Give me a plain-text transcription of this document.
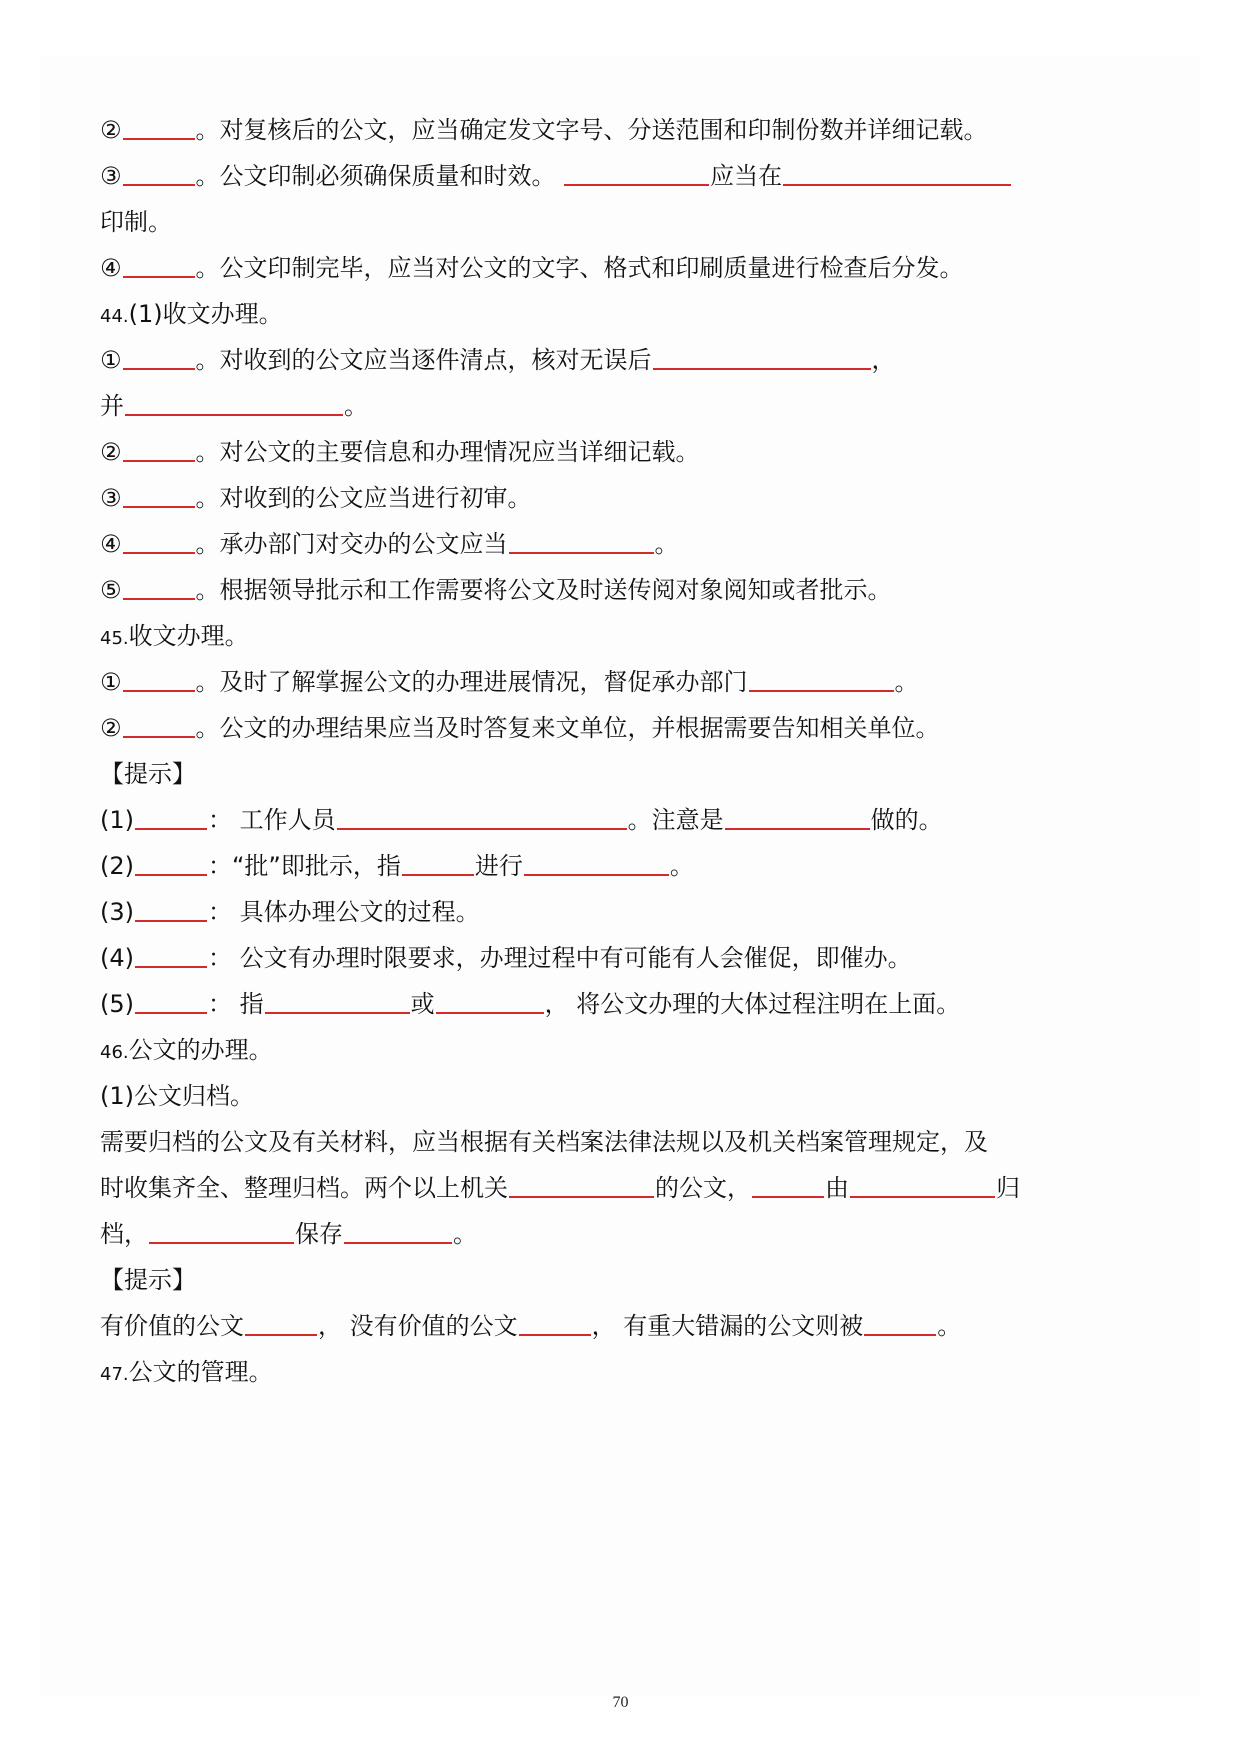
②	。对复核后的公文，应当确定发文字号、分送范围和印制份数并详细记载。
③	。公文印制必须确保质量和时效。	应当在
印制。
④	。公文印制完毕，应当对公文的文字、格式和印刷质量进行检查后分发。
44.(1)收文办理。
①	。对收到的公文应当逐件清点，核对无误后	，
并	。
②	。对公文的主要信息和办理情况应当详细记载。
③	。对收到的公文应当进行初审。
④	。承办部门对交办的公文应当	。
⑤	。根据领导批示和工作需要将公文及时送传阅对象阅知或者批示。
45.收文办理。
①	。及时了解掌握公文的办理进展情况，督促承办部门	。
②	。公文的办理结果应当及时答复来文单位，并根据需要告知相关单位。
【提示】
(1)	： 工作人员	。注意是	做的。
(2)	：“批”即批示，指	进行	。
(3)	： 具体办理公文的过程。
(4)	： 公文有办理时限要求，办理过程中有可能有人会催促，即催办。
(5)	： 指	或	， 将公文办理的大体过程注明在上面。
46.公文的办理。
(1)公文归档。
需要归档的公文及有关材料，应当根据有关档案法律法规以及机关档案管理规定，及
时收集齐全、整理归档。两个以上机关	的公文，	由	归
档，	保存	。
【提示】
有价值的公文	， 没有价值的公文	， 有重大错漏的公文则被	。
47.公文的管理。
70
